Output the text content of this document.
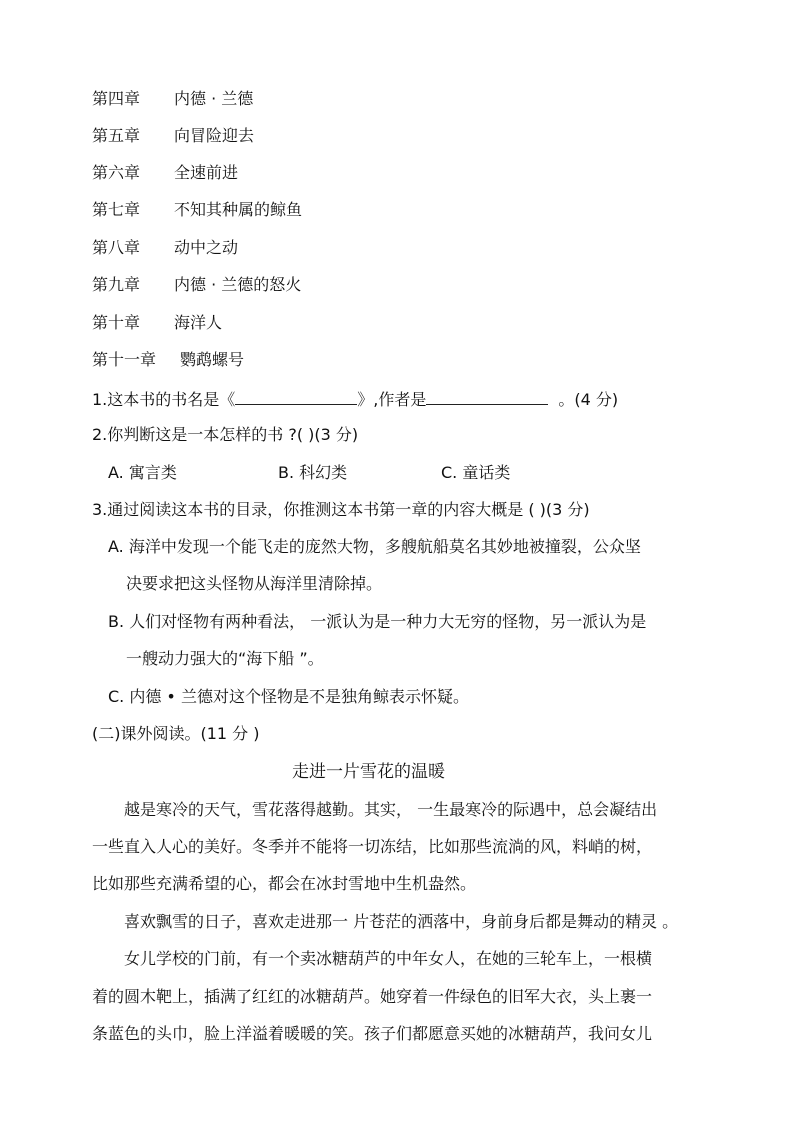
第四章 内德 · 兰德
第五章 向冒险迎去
第六章 全速前进
第七章 不知其种属的鲸鱼
第八章 动中之动
第九章 内德 · 兰德的怒火
第十章 海洋人
第十一章 鹦鹉螺号
1.这本书的书名是《	》,作者是	。(4 分)
2.你判断这是一本怎样的书 ?( )(3 分)
A. 寓言类	B. 科幻类	C. 童话类
3.通过阅读这本书的目录，你推测这本书第一章的内容大概是 ( )(3 分)
A. 海洋中发现一个能飞走的庞然大物，多艘航船莫名其妙地被撞裂，公众坚
决要求把这头怪物从海洋里清除掉。
B. 人们对怪物有两种看法， 一派认为是一种力大无穷的怪物，另一派认为是
一艘动力强大的“海下船 ”。
C. 内德 • 兰德对这个怪物是不是独角鲸表示怀疑。
(二)课外阅读。(11 分 )
走进一片雪花的温暖
越是寒冷的天气，雪花落得越勤。其实， 一生最寒冷的际遇中，总会凝结出
一些直入人心的美好。冬季并不能将一切冻结，比如那些流淌的风，料峭的树，
比如那些充满希望的心，都会在冰封雪地中生机盎然。
喜欢飘雪的日子，喜欢走进那一 片苍茫的洒落中，身前身后都是舞动的精灵 。
女儿学校的门前，有一个卖冰糖葫芦的中年女人，在她的三轮车上，一根横
着的圆木靶上，插满了红红的冰糖葫芦。她穿着一件绿色的旧军大衣，头上裹一
条蓝色的头巾，脸上洋溢着暖暖的笑。孩子们都愿意买她的冰糖葫芦，我问女儿
